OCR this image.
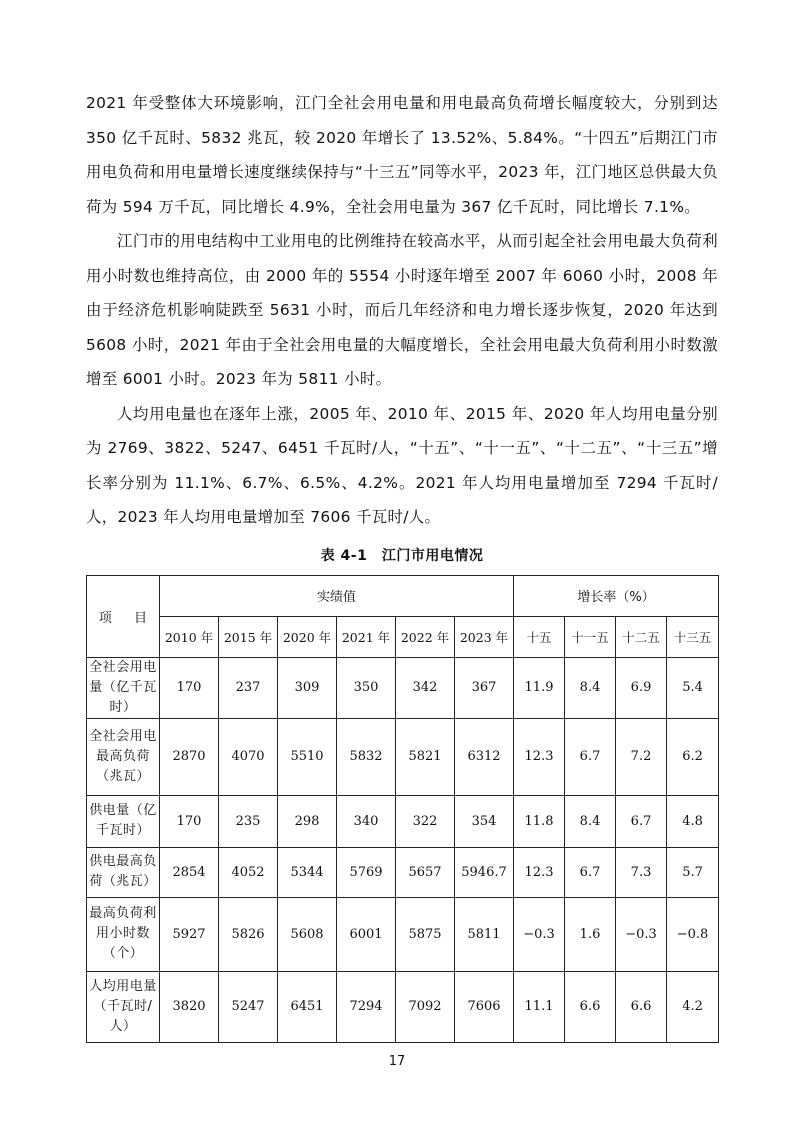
2021 年受整体大环境影响，江门全社会用电量和用电最高负荷增长幅度较大，分别到达 350 亿千瓦时、5832 兆瓦，较 2020 年增长了 13.52%、5.84%。“十四五”后期江门市用电负荷和用电量增长速度继续保持与“十三五”同等水平，2023 年，江门地区总供最大负荷为 594 万千瓦，同比增长 4.9%，全社会用电量为 367 亿千瓦时，同比增长 7.1%。

江门市的用电结构中工业用电的比例维持在较高水平，从而引起全社会用电最大负荷利用小时数也维持高位，由 2000 年的 5554 小时逐年增至 2007 年 6060 小时，2008 年由于经济危机影响陡跌至 5631 小时，而后几年经济和电力增长逐步恢复，2020 年达到 5608 小时，2021 年由于全社会用电量的大幅度增长，全社会用电最大负荷利用小时数激增至 6001 小时。2023 年为 5811 小时。

人均用电量也在逐年上涨，2005 年、2010 年、2015 年、2020 年人均用电量分别为 2769、3822、5247、6451 千瓦时/人，“十五”、“十一五”、“十二五”、“十三五”增长率分别为 11.1%、6.7%、6.5%、4.2%。2021 年人均用电量增加至 7294 千瓦时/人，2023 年人均用电量增加至 7606 千瓦时/人。

表 4-1　江门市用电情况
项 目	实绩值						增长率（%）			
	2010 年	2015 年	2020 年	2021 年	2022 年	2023 年	十五	十一五	十二五	十三五
全社会用电量（亿千瓦时）	170	237	309	350	342	367	11.9	8.4	6.9	5.4
全社会用电最高负荷（兆瓦）	2870	4070	5510	5832	5821	6312	12.3	6.7	7.2	6.2
供电量（亿千瓦时）	170	235	298	340	322	354	11.8	8.4	6.7	4.8
供电最高负荷（兆瓦）	2854	4052	5344	5769	5657	5946.7	12.3	6.7	7.3	5.7
最高负荷利用小时数（个）	5927	5826	5608	6001	5875	5811	−0.3	1.6	−0.3	−0.8
人均用电量（千瓦时/人）	3820	5247	6451	7294	7092	7606	11.1	6.6	6.6	4.2
17
